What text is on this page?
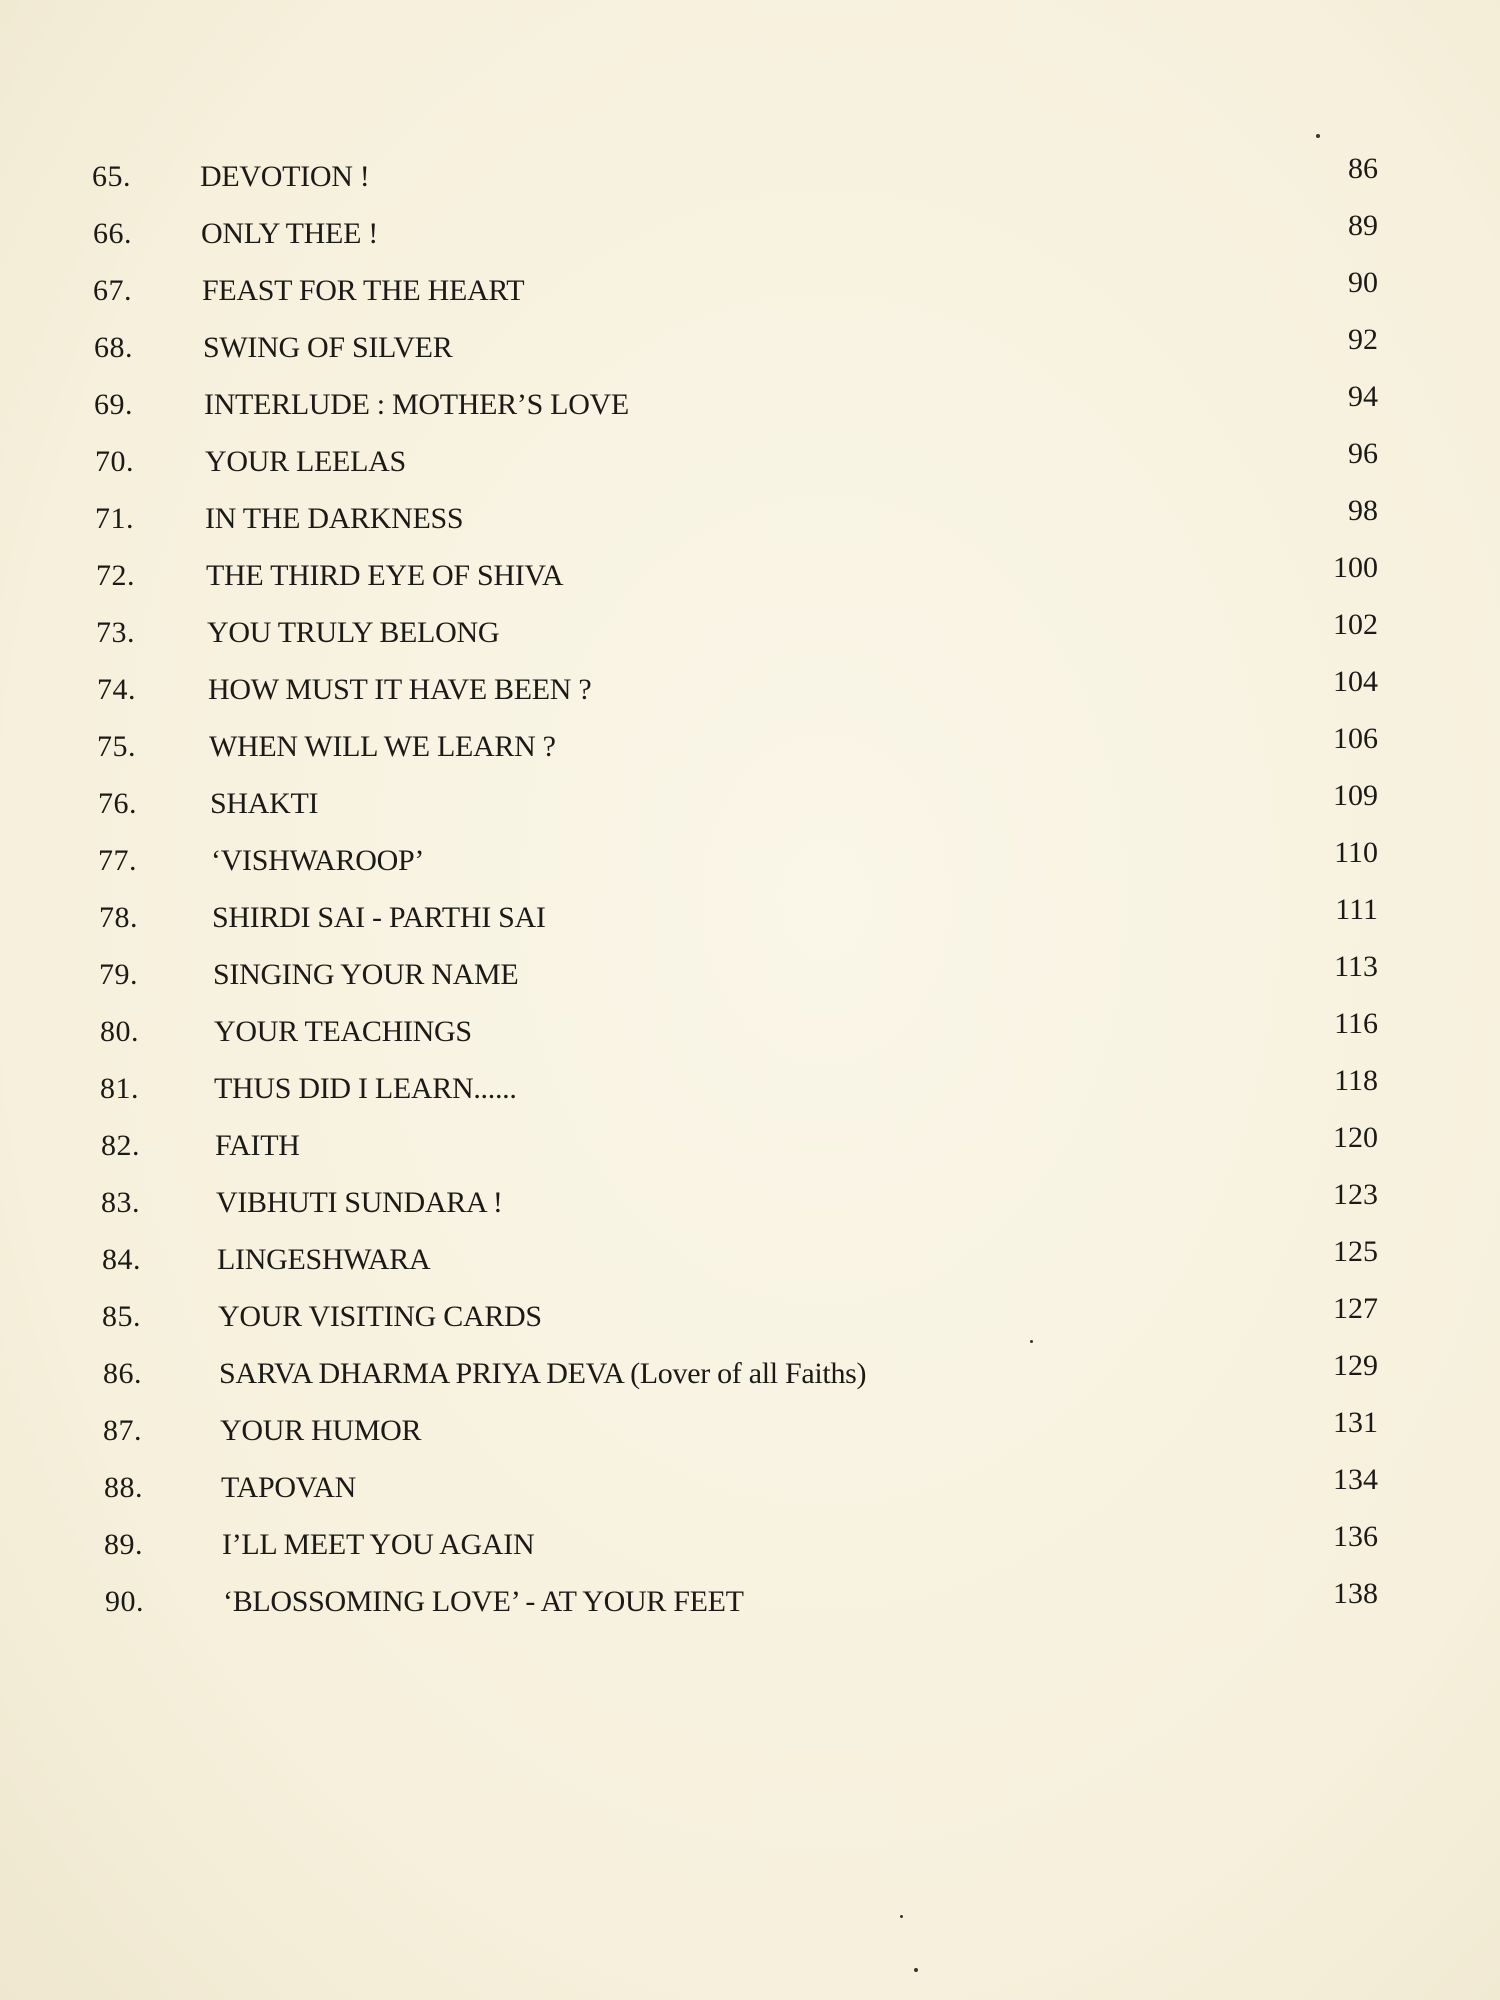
65.	DEVOTION !	86
66.	ONLY THEE !	89
67.	FEAST FOR THE HEART	90
68.	SWING OF SILVER	92
69.	INTERLUDE : MOTHER’S LOVE	94
70.	YOUR LEELAS	96
71.	IN THE DARKNESS	98
72.	THE THIRD EYE OF SHIVA	100
73.	YOU TRULY BELONG	102
74.	HOW MUST IT HAVE BEEN ?	104
75.	WHEN WILL WE LEARN ?	106
76.	SHAKTI	109
77.	‘VISHWAROOP’	110
78.	SHIRDI SAI - PARTHI SAI	111
79.	SINGING YOUR NAME	113
80.	YOUR TEACHINGS	116
81.	THUS DID I LEARN......	118
82.	FAITH	120
83.	VIBHUTI SUNDARA !	123
84.	LINGESHWARA	125
85.	YOUR VISITING CARDS	127
86.	SARVA DHARMA PRIYA DEVA (Lover of all Faiths)	129
87.	YOUR HUMOR	131
88.	TAPOVAN	134
89.	I’LL MEET YOU AGAIN	136
90.	‘BLOSSOMING LOVE’ - AT YOUR FEET	138
